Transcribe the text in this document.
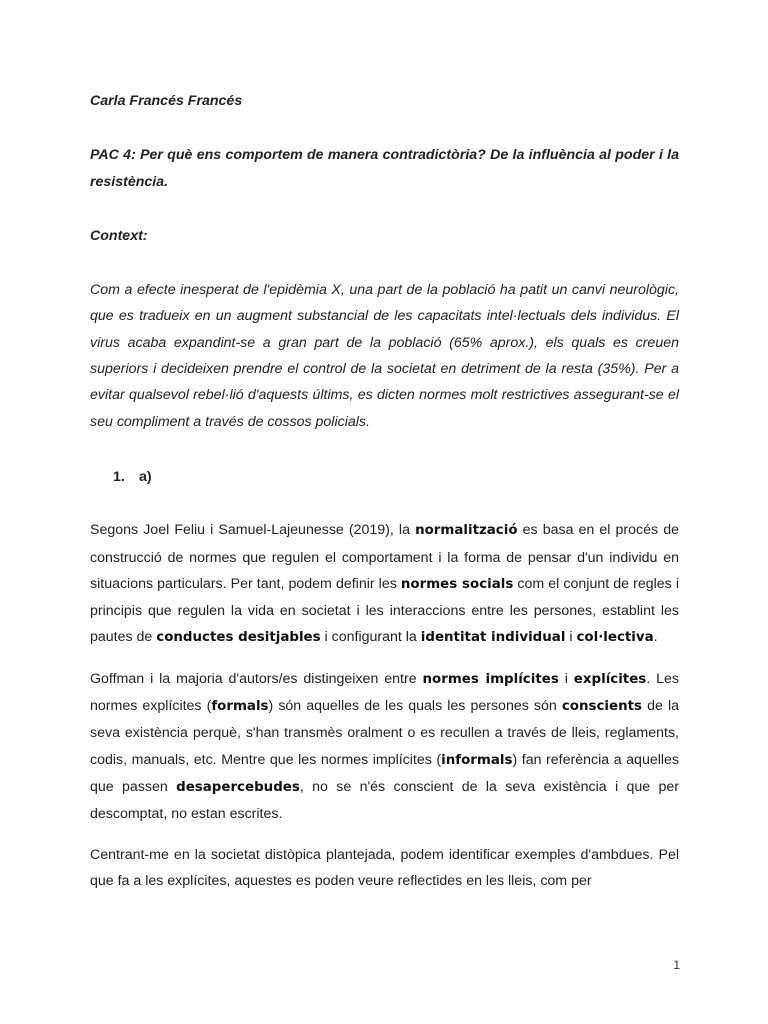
Carla Francés Francés

PAC 4: Per què ens comportem de manera contradictòria? De la influència al poder i la resistència.

Context:

Com a efecte inesperat de l'epidèmia X, una part de la població ha patit un canvi neurològic, que es tradueix en un augment substancial de les capacitats intel·lectuals dels individus. El virus acaba expandint-se a gran part de la població (65% aprox.), els quals es creuen superiors i decideixen prendre el control de la societat en detriment de la resta (35%). Per a evitar qualsevol rebel·lió d'aquests últims, es dicten normes molt restrictives assegurant-se el seu compliment a través de cossos policials.

1. a)

Segons Joel Feliu i Samuel-Lajeunesse (2019), la normalització es basa en el procés de construcció de normes que regulen el comportament i la forma de pensar d'un individu en situacions particulars. Per tant, podem definir les normes socials com el conjunt de regles i principis que regulen la vida en societat i les interaccions entre les persones, establint les pautes de conductes desitjables i configurant la identitat individual i col·lectiva.

Goffman i la majoria d'autors/es distingeixen entre normes implícites i explícites. Les normes explícites (formals) són aquelles de les quals les persones són conscients de la seva existència perquè, s'han transmès oralment o es recullen a través de lleis, reglaments, codis, manuals, etc. Mentre que les normes implícites (informals) fan referència a aquelles que passen desapercebudes, no se n'és conscient de la seva existència i que per descomptat, no estan escrites.

Centrant-me en la societat distòpica plantejada, podem identificar exemples d'ambdues. Pel que fa a les explícites, aquestes es poden veure reflectides en les lleis, com per

1
